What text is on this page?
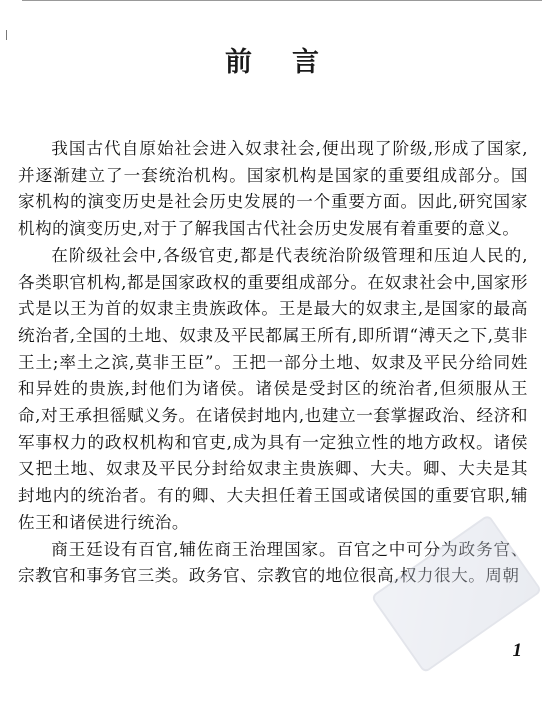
前言

我国古代自原始社会进入奴隶社会,便出现了阶级,形成了国家,并逐渐建立了一套统治机构。国家机构是国家的重要组成部分。国家机构的演变历史是社会历史发展的一个重要方面。因此,研究国家机构的演变历史,对于了解我国古代社会历史发展有着重要的意义。

在阶级社会中,各级官吏,都是代表统治阶级管理和压迫人民的,各类职官机构,都是国家政权的重要组成部分。在奴隶社会中,国家形式是以王为首的奴隶主贵族政体。王是最大的奴隶主,是国家的最高统治者,全国的土地、奴隶及平民都属王所有,即所谓“溥天之下,莫非王土;率土之滨,莫非王臣”。王把一部分土地、奴隶及平民分给同姓和异姓的贵族,封他们为诸侯。诸侯是受封区的统治者,但须服从王命,对王承担徭赋义务。在诸侯封地内,也建立一套掌握政治、经济和军事权力的政权机构和官吏,成为具有一定独立性的地方政权。诸侯又把土地、奴隶及平民分封给奴隶主贵族卿、大夫。卿、大夫是其封地内的统治者。有的卿、大夫担任着王国或诸侯国的重要官职,辅佐王和诸侯进行统治。

商王廷设有百官,辅佐商王治理国家。百官之中可分为政务官、宗教官和事务官三类。政务官、宗教官的地位很高,权力很大。周朝

1
